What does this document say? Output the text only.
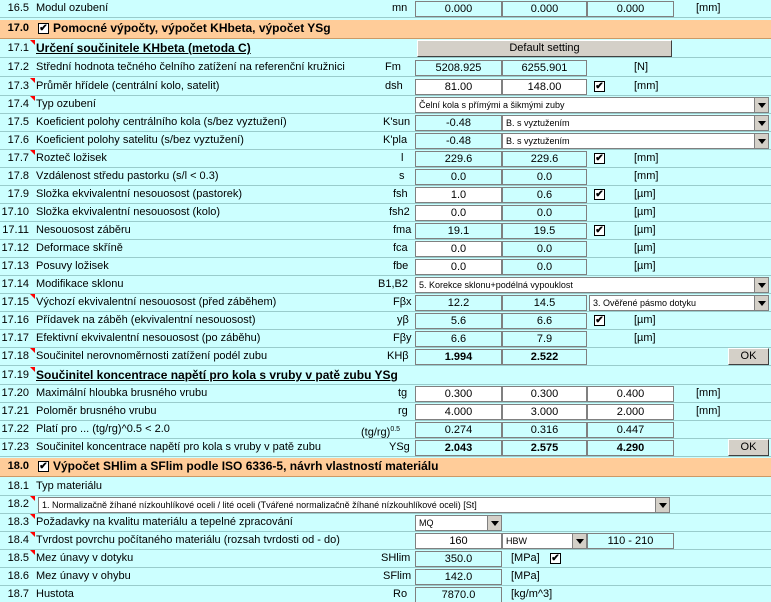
16.5 Modul ozubení	mn	0.000	0.000	0.000	[mm]
17.0	✔ Pomocné výpočty, výpočet KHbeta, výpočet YSg
17.1 Určení součinitele KHbeta (metoda C)	Default setting
17.2 Střední hodnota tečného čelního zatížení na referenční kružnici	Fm	5208.925	6255.901	[N]
17.3 Průměr hřídele (centrální kolo, satelit)	dsh	81.00	148.00	✔	[mm]
17.4 Typ ozubení	Čelní kola s přímými a šikmými zuby
17.5 Koeficient polohy centrálního kola (s/bez vyztužení)	K'sun	-0.48	B. s vyztužením
17.6 Koeficient polohy satelitu (s/bez vyztužení)	K'pla	-0.48	B. s vyztužením
17.7 Rozteč ložisek	l	229.6	229.6	✔	[mm]
17.8 Vzdálenost středu pastorku (s/l < 0.3)	s	0.0	0.0	[mm]
17.9 Složka ekvivalentní nesouosost (pastorek)	fsh	1.0	0.6	✔	[µm]
17.10 Složka ekvivalentní nesouosost (kolo)	fsh2	0.0	0.0	[µm]
17.11 Nesouosost záběru	fma	19.1	19.5	✔	[µm]
17.12 Deformace skříně	fca	0.0	0.0	[µm]
17.13 Posuvy ložisek	fbe	0.0	0.0	[µm]
17.14 Modifikace sklonu	B1,B2	5. Korekce sklonu+podélná vypouklost
17.15 Výchozí ekvivalentní nesouosost (před záběhem)	Fβx	12.2	14.5	3. Ověřené pásmo dotyku
17.16 Přídavek na záběh (ekvivalentní nesouosost)	yβ	5.6	6.6	✔	[µm]
17.17 Efektivní ekvivalentní nesouosost (po záběhu)	Fβy	6.6	7.9	[µm]
17.18 Součinitel nerovnoměrnosti zatížení podél zubu	KHβ	1.994	2.522	OK
17.19 Součinitel koncentrace napětí pro kola s vruby v patě zubu YSg
17.20 Maximální hloubka brusného vrubu	tg	0.300	0.300	0.400	[mm]
17.21 Poloměr brusného vrubu	rg	4.000	3.000	2.000	[mm]
17.22 Platí pro ... (tg/rg)^0.5 < 2.0	$(tg/rg)^{0.5}$	0.274	0.316	0.447
17.23 Součinitel koncentrace napětí pro kola s vruby v patě zubu	YSg	2.043	2.575	4.290	OK
18.0	✔ Výpočet SHlim a SFlim podle ISO 6336-5, návrh vlastností materiálu
18.1 Typ materiálu
18.2	1. Normalizačně žíhané nízkouhlíkové oceli / lité oceli (Tvářené normalizačně žíhané nízkouhlíkové oceli) [St]
18.3 Požadavky na kvalitu materiálu a tepelné zpracování	MQ
18.4 Tvrdost povrchu počítaného materiálu (rozsah tvrdosti od - do)	160	HBW	110 - 210
18.5 Mez únavy v dotyku	SHlim	350.0	[MPa] ✔
18.6 Mez únavy v ohybu	SFlim	142.0	[MPa]
18.7 Hustota	Ro	7870.0	[kg/m^3]
